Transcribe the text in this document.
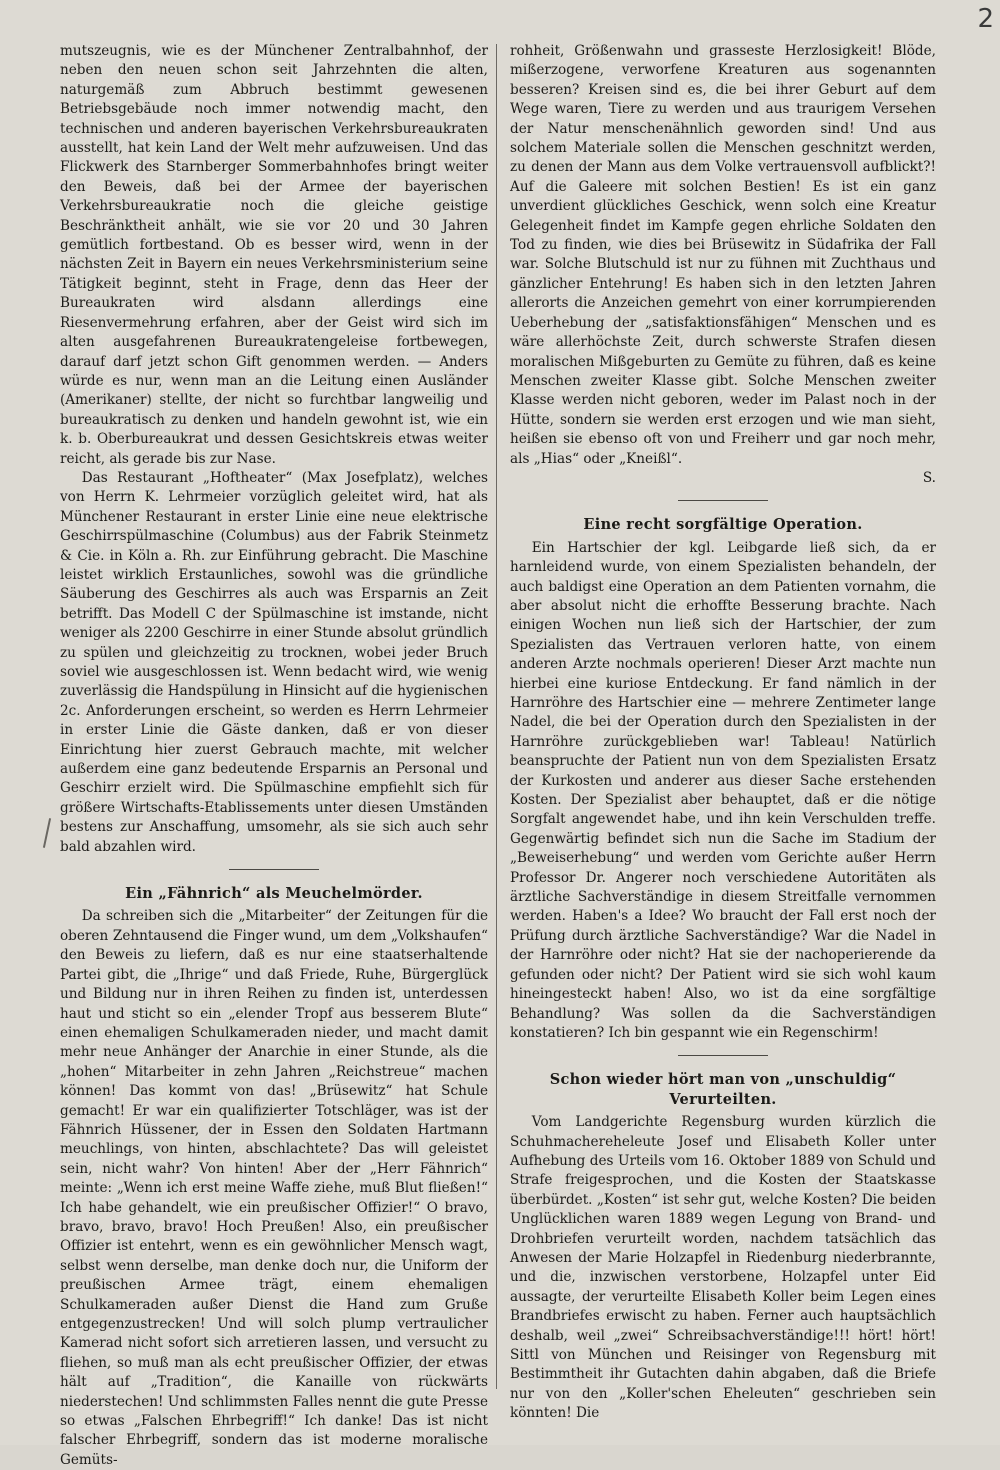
2

mutszeugnis, wie es der Münchener Zentralbahnhof, der neben den neuen schon seit Jahrzehnten die alten, naturgemäß zum Abbruch bestimmt gewesenen Betriebsgebäude noch immer notwendig macht, den technischen und anderen bayerischen Verkehrsbureaukraten ausstellt, hat kein Land der Welt mehr aufzuweisen. Und das Flickwerk des Starnberger Sommerbahnhofes bringt weiter den Beweis, daß bei der Armee der bayerischen Verkehrsbureaukratie noch die gleiche geistige Beschränktheit anhält, wie sie vor 20 und 30 Jahren gemütlich fortbestand. Ob es besser wird, wenn in der nächsten Zeit in Bayern ein neues Verkehrsministerium seine Tätigkeit beginnt, steht in Frage, denn das Heer der Bureaukraten wird alsdann allerdings eine Riesenvermehrung erfahren, aber der Geist wird sich im alten ausgefahrenen Bureaukratengeleise fortbewegen, darauf darf jetzt schon Gift genommen werden. — Anders würde es nur, wenn man an die Leitung einen Ausländer (Amerikaner) stellte, der nicht so furchtbar langweilig und bureaukratisch zu denken und handeln gewohnt ist, wie ein k. b. Oberbureaukrat und dessen Gesichtskreis etwas weiter reicht, als gerade bis zur Nase.

Das Restaurant „Hoftheater“ (Max Josefplatz), welches von Herrn K. Lehrmeier vorzüglich geleitet wird, hat als Münchener Restaurant in erster Linie eine neue elektrische Geschirrspülmaschine (Columbus) aus der Fabrik Steinmetz & Cie. in Köln a. Rh. zur Einführung gebracht. Die Maschine leistet wirklich Erstaunliches, sowohl was die gründliche Säuberung des Geschirres als auch was Ersparnis an Zeit betrifft. Das Modell C der Spülmaschine ist imstande, nicht weniger als 2200 Geschirre in einer Stunde absolut gründlich zu spülen und gleichzeitig zu trocknen, wobei jeder Bruch soviel wie ausgeschlossen ist. Wenn bedacht wird, wie wenig zuverlässig die Handspülung in Hinsicht auf die hygienischen 2c. Anforderungen erscheint, so werden es Herrn Lehrmeier in erster Linie die Gäste danken, daß er von dieser Einrichtung hier zuerst Gebrauch machte, mit welcher außerdem eine ganz bedeutende Ersparnis an Personal und Geschirr erzielt wird. Die Spülmaschine empfiehlt sich für größere Wirtschafts-Etablissements unter diesen Umständen bestens zur Anschaffung, umsomehr, als sie sich auch sehr bald abzahlen wird.

Ein „Fähnrich“ als Meuchelmörder.

Da schreiben sich die „Mitarbeiter“ der Zeitungen für die oberen Zehntausend die Finger wund, um dem „Volkshaufen“ den Beweis zu liefern, daß es nur eine staatserhaltende Partei gibt, die „Ihrige“ und daß Friede, Ruhe, Bürgerglück und Bildung nur in ihren Reihen zu finden ist, unterdessen haut und sticht so ein „elender Tropf aus besserem Blute“ einen ehemaligen Schulkameraden nieder, und macht damit mehr neue Anhänger der Anarchie in einer Stunde, als die „hohen“ Mitarbeiter in zehn Jahren „Reichstreue“ machen können! Das kommt von das! „Brüsewitz“ hat Schule gemacht! Er war ein qualifizierter Totschläger, was ist der Fähnrich Hüssener, der in Essen den Soldaten Hartmann meuchlings, von hinten, abschlachtete? Das will geleistet sein, nicht wahr? Von hinten! Aber der „Herr Fähnrich“ meinte: „Wenn ich erst meine Waffe ziehe, muß Blut fließen!“ Ich habe gehandelt, wie ein preußischer Offizier!“ O bravo, bravo, bravo, bravo! Hoch Preußen! Also, ein preußischer Offizier ist entehrt, wenn es ein gewöhnlicher Mensch wagt, selbst wenn derselbe, man denke doch nur, die Uniform der preußischen Armee trägt, einem ehemaligen Schulkameraden außer Dienst die Hand zum Gruße entgegenzustrecken! Und will solch plump vertraulicher Kamerad nicht sofort sich arretieren lassen, und versucht zu fliehen, so muß man als echt preußischer Offizier, der etwas hält auf „Tradition“, die Kanaille von rückwärts niederstechen! Und schlimmsten Falles nennt die gute Presse so etwas „Falschen Ehrbegriff!“ Ich danke! Das ist nicht falscher Ehrbegriff, sondern das ist moderne moralische Gemüts-

rohheit, Größenwahn und grasseste Herzlosigkeit! Blöde, mißerzogene, verworfene Kreaturen aus sogenannten besseren? Kreisen sind es, die bei ihrer Geburt auf dem Wege waren, Tiere zu werden und aus traurigem Versehen der Natur menschenähnlich geworden sind! Und aus solchem Materiale sollen die Menschen geschnitzt werden, zu denen der Mann aus dem Volke vertrauensvoll aufblickt?! Auf die Galeere mit solchen Bestien! Es ist ein ganz unverdient glückliches Geschick, wenn solch eine Kreatur Gelegenheit findet im Kampfe gegen ehrliche Soldaten den Tod zu finden, wie dies bei Brüsewitz in Südafrika der Fall war. Solche Blutschuld ist nur zu fühnen mit Zuchthaus und gänzlicher Entehrung! Es haben sich in den letzten Jahren allerorts die Anzeichen gemehrt von einer korrumpierenden Ueberhebung der „satisfaktionsfähigen“ Menschen und es wäre allerhöchste Zeit, durch schwerste Strafen diesen moralischen Mißgeburten zu Gemüte zu führen, daß es keine Menschen zweiter Klasse gibt. Solche Menschen zweiter Klasse werden nicht geboren, weder im Palast noch in der Hütte, sondern sie werden erst erzogen und wie man sieht, heißen sie ebenso oft von und Freiherr und gar noch mehr, als „Hias“ oder „Kneißl“.

S.

Eine recht sorgfältige Operation.

Ein Hartschier der kgl. Leibgarde ließ sich, da er harnleidend wurde, von einem Spezialisten behandeln, der auch baldigst eine Operation an dem Patienten vornahm, die aber absolut nicht die erhoffte Besserung brachte. Nach einigen Wochen nun ließ sich der Hartschier, der zum Spezialisten das Vertrauen verloren hatte, von einem anderen Arzte nochmals operieren! Dieser Arzt machte nun hierbei eine kuriose Entdeckung. Er fand nämlich in der Harnröhre des Hartschier eine — mehrere Zentimeter lange Nadel, die bei der Operation durch den Spezialisten in der Harnröhre zurückgeblieben war! Tableau! Natürlich beanspruchte der Patient nun von dem Spezialisten Ersatz der Kurkosten und anderer aus dieser Sache erstehenden Kosten. Der Spezialist aber behauptet, daß er die nötige Sorgfalt angewendet habe, und ihn kein Verschulden treffe. Gegenwärtig befindet sich nun die Sache im Stadium der „Beweiserhebung“ und werden vom Gerichte außer Herrn Professor Dr. Angerer noch verschiedene Autoritäten als ärztliche Sachverständige in diesem Streitfalle vernommen werden. Haben's a Idee? Wo braucht der Fall erst noch der Prüfung durch ärztliche Sachverständige? War die Nadel in der Harnröhre oder nicht? Hat sie der nachoperierende da gefunden oder nicht? Der Patient wird sie sich wohl kaum hineingesteckt haben! Also, wo ist da eine sorgfältige Behandlung? Was sollen da die Sachverständigen konstatieren? Ich bin gespannt wie ein Regenschirm!

Schon wieder hört man von „unschuldig“ Verurteilten.

Vom Landgerichte Regensburg wurden kürzlich die Schuhmachereheleute Josef und Elisabeth Koller unter Aufhebung des Urteils vom 16. Oktober 1889 von Schuld und Strafe freigesprochen, und die Kosten der Staatskasse überbürdet. „Kosten“ ist sehr gut, welche Kosten? Die beiden Unglücklichen waren 1889 wegen Legung von Brand- und Drohbriefen verurteilt worden, nachdem tatsächlich das Anwesen der Marie Holzapfel in Riedenburg niederbrannte, und die, inzwischen verstorbene, Holzapfel unter Eid aussagte, der verurteilte Elisabeth Koller beim Legen eines Brandbriefes erwischt zu haben. Ferner auch hauptsächlich deshalb, weil „zwei“ Schreibsachverständige!!! hört! hört! Sittl von München und Reisinger von Regensburg mit Bestimmtheit ihr Gutachten dahin abgaben, daß die Briefe nur von den „Koller'schen Eheleuten“ geschrieben sein könnten! Die
